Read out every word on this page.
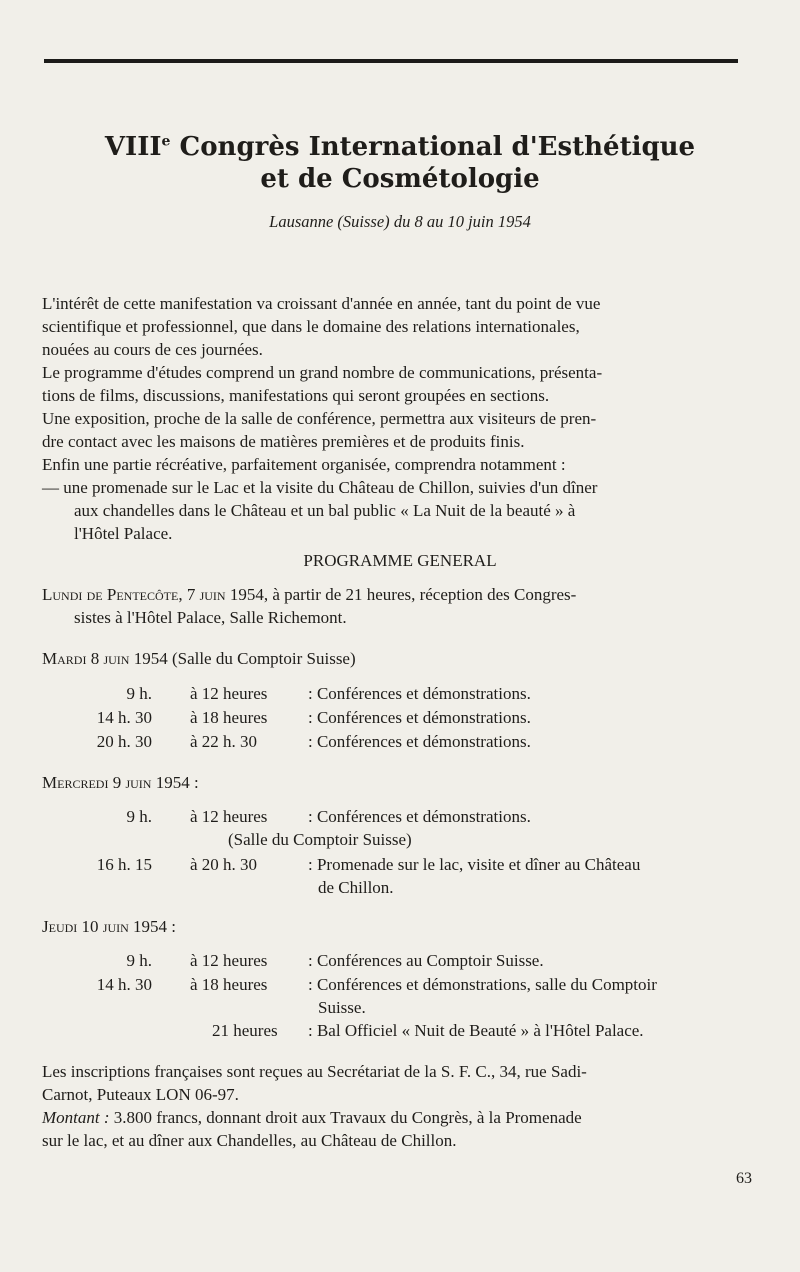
VIIIe Congrès International d'Esthétique
et de Cosmétologie
Lausanne (Suisse) du 8 au 10 juin 1954
L'intérêt de cette manifestation va croissant d'année en année, tant du point de vue
scientifique et professionnel, que dans le domaine des relations internationales,
nouées au cours de ces journées.
Le programme d'études comprend un grand nombre de communications, présenta-
tions de films, discussions, manifestations qui seront groupées en sections.
Une exposition, proche de la salle de conférence, permettra aux visiteurs de pren-
dre contact avec les maisons de matières premières et de produits finis.
Enfin une partie récréative, parfaitement organisée, comprendra notamment :
— une promenade sur le Lac et la visite du Château de Chillon, suivies d'un dîner
aux chandelles dans le Château et un bal public « La Nuit de la beauté » à
l'Hôtel Palace.
PROGRAMME GENERAL
Lundi de Pentecôte, 7 juin 1954, à partir de 21 heures, réception des Congres-
sistes à l'Hôtel Palace, Salle Richemont.
Mardi 8 juin 1954 (Salle du Comptoir Suisse)
9 h. à 12 heures : Conférences et démonstrations.
14 h. 30 à 18 heures : Conférences et démonstrations.
20 h. 30 à 22 h. 30	: Conférences et démonstrations.
Mercredi 9 juin 1954 :
9 h. à 12 heures : Conférences et démonstrations.
(Salle du Comptoir Suisse)
16 h. 15 à 20 h. 30	: Promenade sur le lac, visite et dîner au Château
de Chillon.
Jeudi 10 juin 1954 :
9 h. à 12 heures : Conférences au Comptoir Suisse.
14 h. 30 à 18 heures : Conférences et démonstrations, salle du Comptoir
Suisse.
21 heures : Bal Officiel « Nuit de Beauté » à l'Hôtel Palace.
Les inscriptions françaises sont reçues au Secrétariat de la S. F. C., 34, rue Sadi-
Carnot, Puteaux LON 06-97.
Montant : 3.800 francs, donnant droit aux Travaux du Congrès, à la Promenade
sur le lac, et au dîner aux Chandelles, au Château de Chillon.
63
